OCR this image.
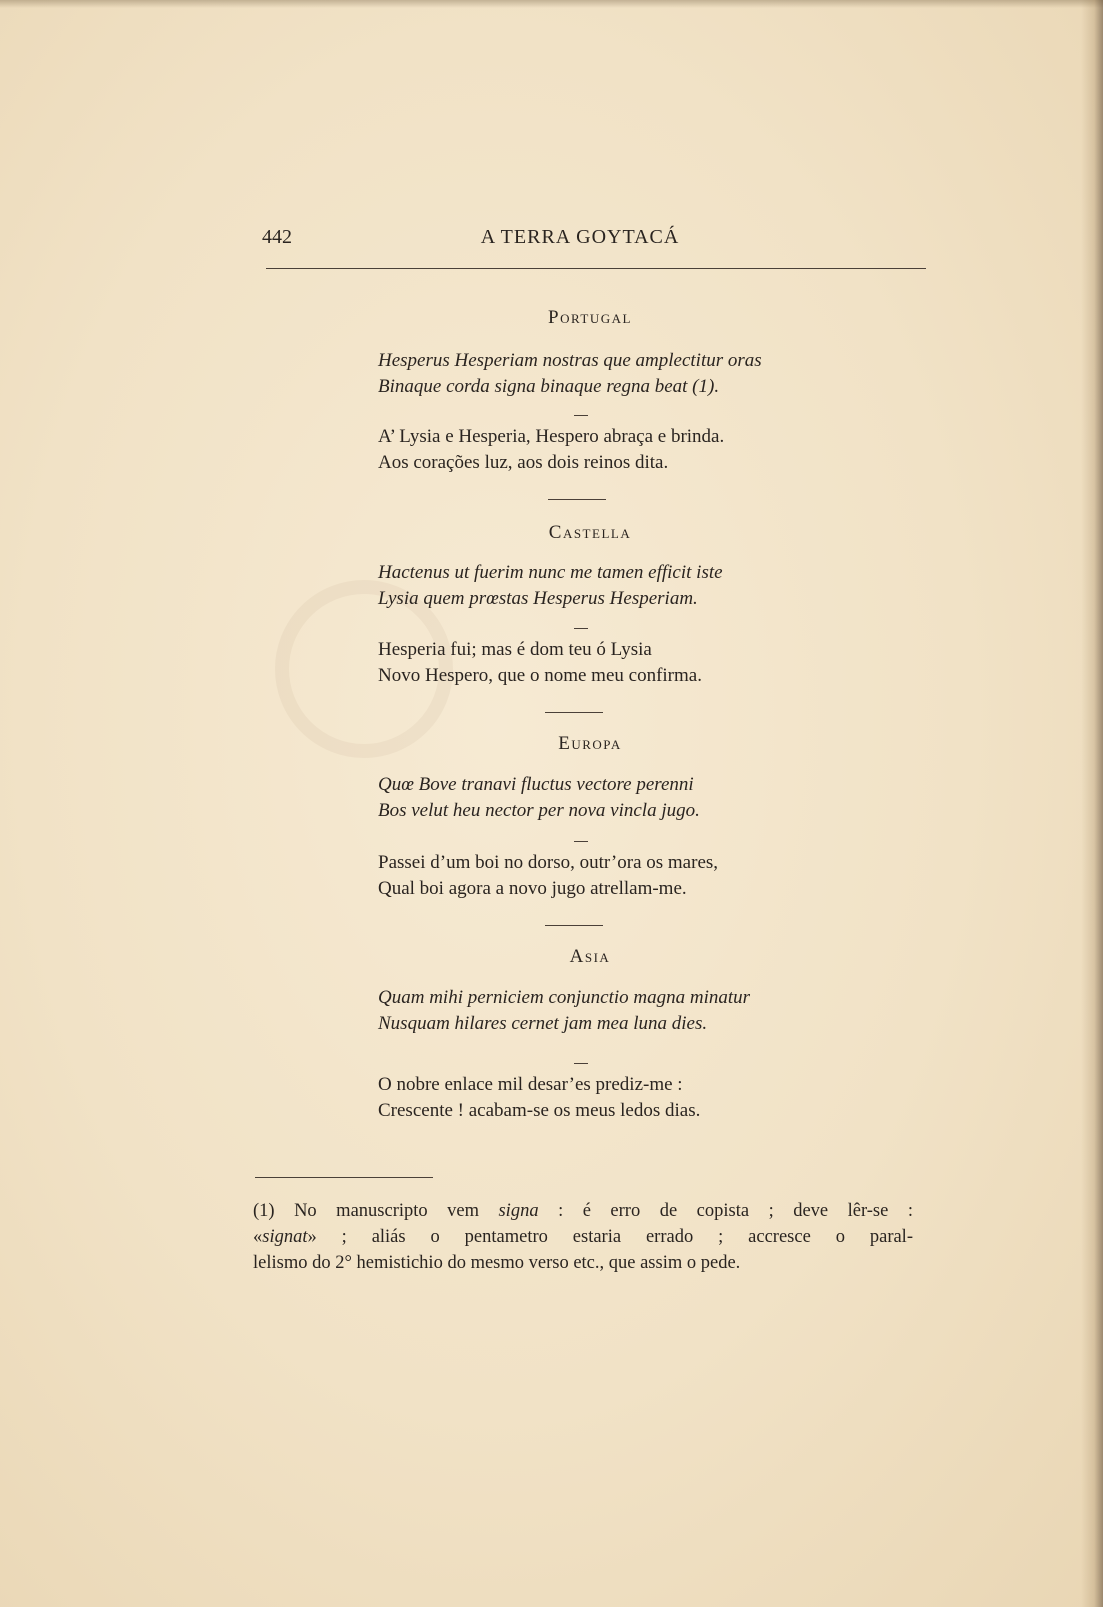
442	A TERRA GOYTACÁ
Portugal
Hesperus Hesperiam nostras que amplectitur oras
Binaque corda signa binaque regna beat (1).
A’ Lysia e Hesperia, Hespero abraça e brinda.
Aos corações luz, aos dois reinos dita.
Castella
Hactenus ut fuerim nunc me tamen efficit iste
Lysia quem prœstas Hesperus Hesperiam.
Hesperia fui; mas é dom teu ó Lysia
Novo Hespero, que o nome meu confirma.
Europa
Quœ Bove tranavi fluctus vectore perenni
Bos velut heu nector per nova vincla jugo.
Passei d’um boi no dorso, outr’ora os mares,
Qual boi agora a novo jugo atrellam-me.
Asia
Quam mihi perniciem conjunctio magna minatur
Nusquam hilares cernet jam mea luna dies.
O nobre enlace mil desar’es prediz-me :
Crescente ! acabam-se os meus ledos dias.
(1) No manuscripto vem signa : é erro de copista ; deve lêr-se :
«signat» ; aliás o pentametro estaria errado ; accresce o paral-
lelismo do 2° hemistichio do mesmo verso etc., que assim o pede.
